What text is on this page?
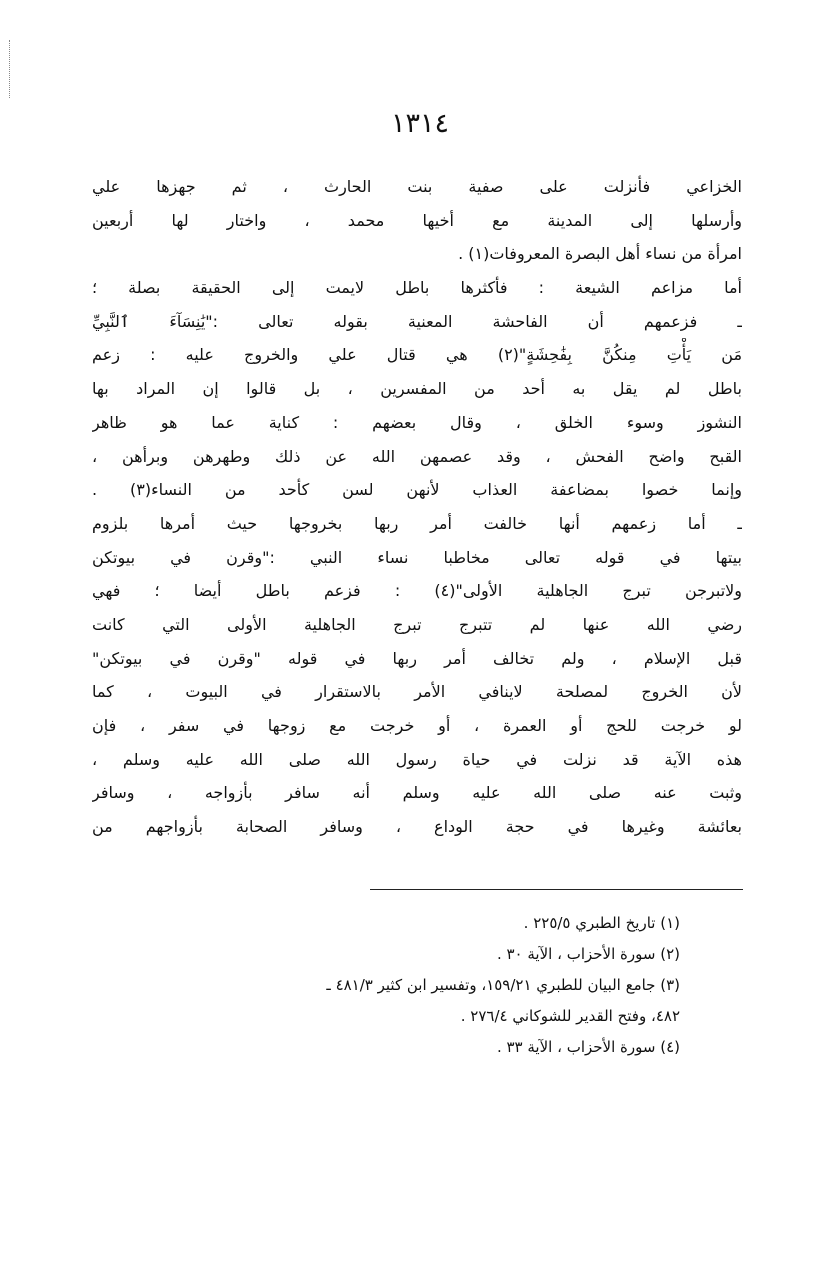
١٣١٤
الخزاعي فأنزلت على صفية بنت الحارث ، ثم جهزها علي
وأرسلها إلى المدينة مع أخيها محمد ، واختار لها أربعين
امرأة من نساء أهل البصرة المعروفات(١) .
أما مزاعم الشيعة : فأكثرها باطل لايمت إلى الحقيقة بصلة ؛
ـ فزعمهم أن الفاحشة المعنية بقوله تعالى :"يَٰنِسَآءَ ٱلنَّبِيِّ
مَن يَأْتِ مِنكُنَّ بِفَٰحِشَةٍ"(٢) هي قتال علي والخروج عليه : زعم
باطل لم يقل به أحد من المفسرين ، بل قالوا إن المراد بها
النشوز وسوء الخلق ، وقال بعضهم : كناية عما هو ظاهر
القبح واضح الفحش ، وقد عصمهن الله عن ذلك وطهرهن وبرأهن ،
وإنما خصوا بمضاعفة العذاب لأنهن لسن كأحد من النساء(٣) .
ـ أما زعمهم أنها خالفت أمر ربها بخروجها حيث أمرها بلزوم
بيتها في قوله تعالى مخاطبا نساء النبي :"وقرن في بيوتكن
ولاتبرجن تبرج الجاهلية الأولى"(٤) : فزعم باطل أيضا ؛ فهي
رضي الله عنها لم تتبرج تبرج الجاهلية الأولى التي كانت
قبل الإسلام ، ولم تخالف أمر ربها في قوله "وقرن في بيوتكن"
لأن الخروج لمصلحة لاينافي الأمر بالاستقرار في البيوت ، كما
لو خرجت للحج أو العمرة ، أو خرجت مع زوجها في سفر ، فإن
هذه الآية قد نزلت في حياة رسول الله صلى الله عليه وسلم ،
وثبت عنه صلى الله عليه وسلم أنه سافر بأزواجه ، وسافر
بعائشة وغيرها في حجة الوداع ، وسافر الصحابة بأزواجهم من
(١) تاريخ الطبري ٢٢٥/٥ .
(٢) سورة الأحزاب ، الآية ٣٠ .
(٣) جامع البيان للطبري ١٥٩/٢١، وتفسير ابن كثير ٤٨١/٣ ـ
٤٨٢، وفتح القدير للشوكاني ٢٧٦/٤ .
(٤) سورة الأحزاب ، الآية ٣٣ .
